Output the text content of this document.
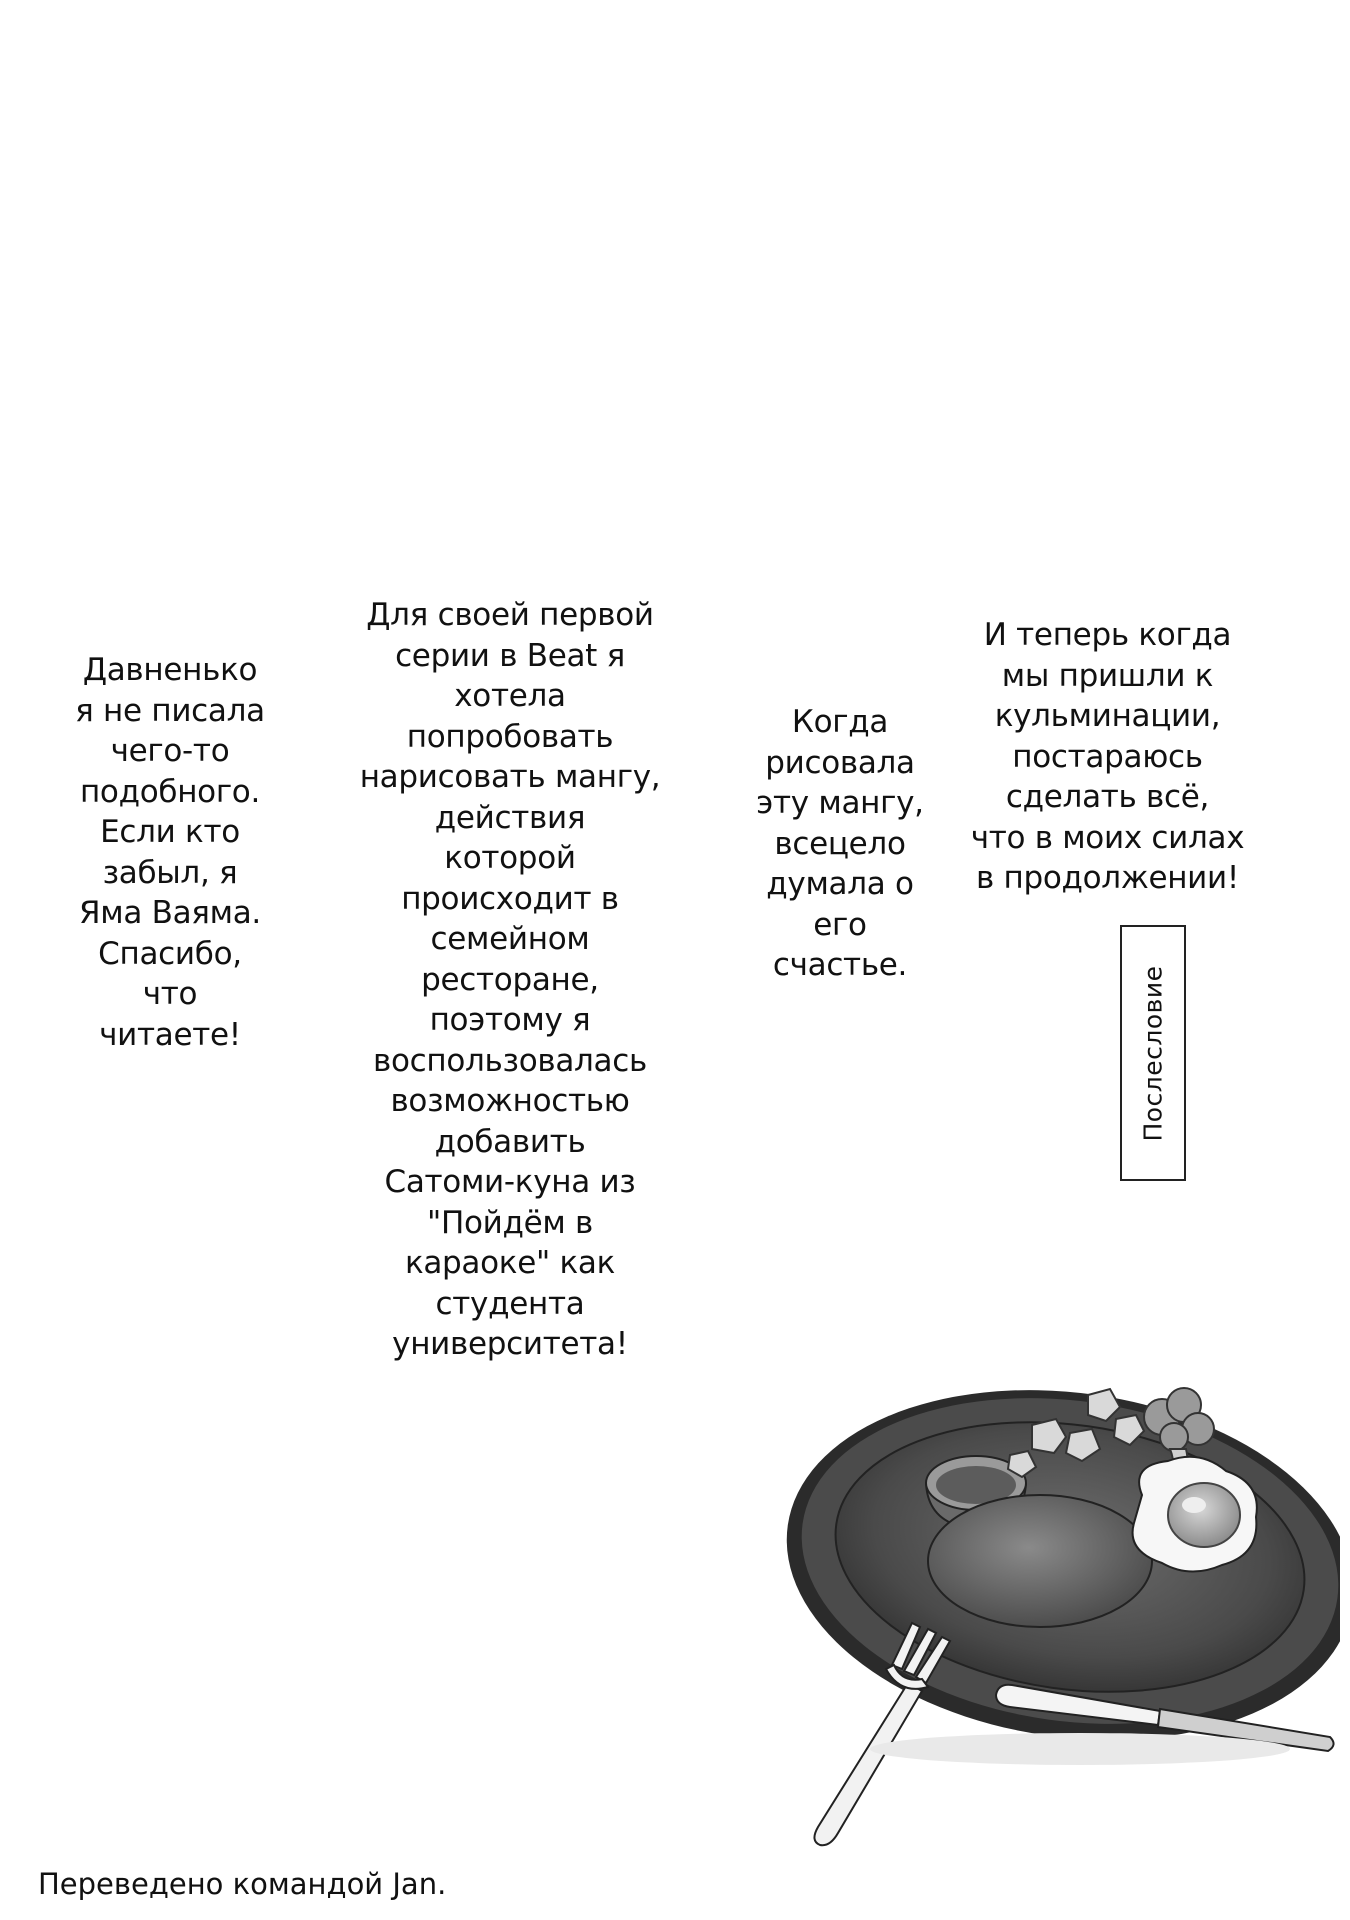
Давненько
я не писала
чего-то
подобного.
Если кто
забыл, я
Яма Ваяма.
Спасибо,
что
читаете!

Для своей первой
серии в Beat я
хотела
попробовать
нарисовать мангу,
действия
которой
происходит в
семейном
ресторане,
поэтому я
воспользовалась
возможностью
добавить
Сатоми-куна из
"Пойдём в
караоке" как
студента
университета!

Когда
рисовала
эту мангу,
всецело
думала о
его
счастье.

И теперь когда
мы пришли к
кульминации,
постараюсь
сделать всё,
что в моих силах
в продолжении!

Послесловие

Переведено командой Jan.
